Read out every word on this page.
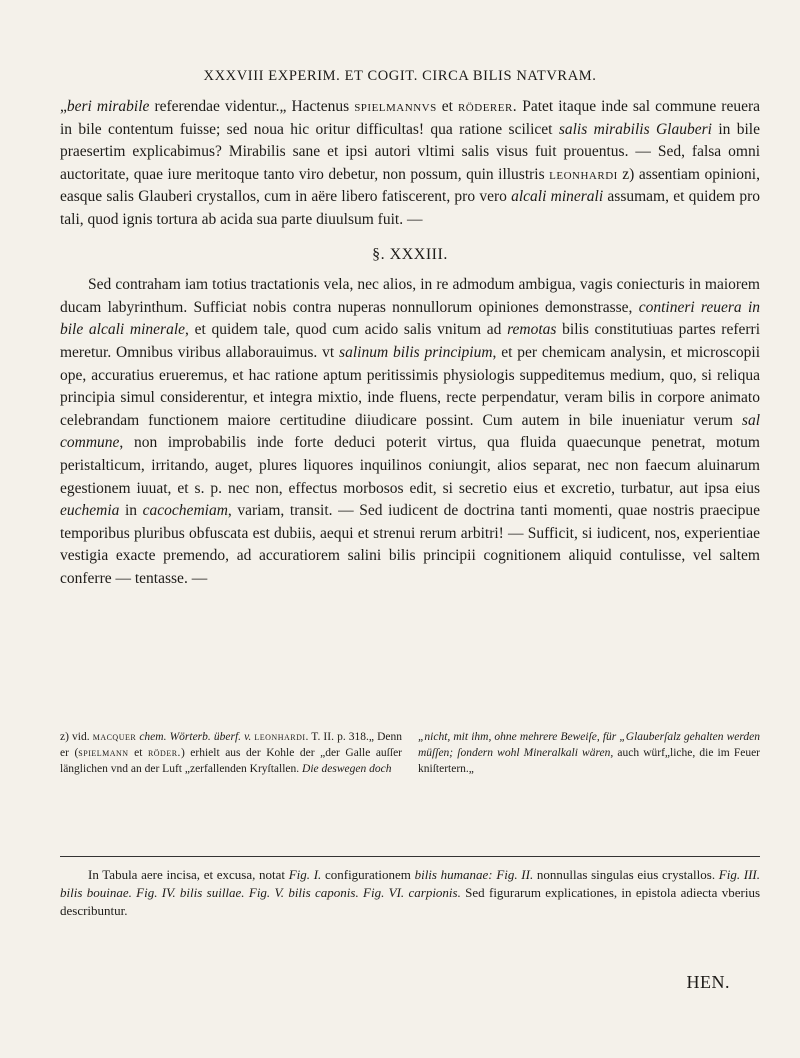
XXXVIII EXPERIM. ET COGIT. CIRCA BILIS NATVRAM.

„beri mirabile referendae videntur.„ Hactenus spielmannvs et röderer. Patet itaque inde sal commune reuera in bile contentum fuisse; sed noua hic oritur difficultas! qua ratione scilicet salis mirabilis Glauberi in bile praesertim explicabimus? Mirabilis sane et ipsi autori vltimi salis visus fuit prouentus. — Sed, falsa omni auctoritate, quae iure meritoque tanto viro debetur, non possum, quin illustris leonhardi z) assentiam opinioni, easque salis Glauberi crystallos, cum in aëre libero fatiscerent, pro vero alcali minerali assumam, et quidem pro tali, quod ignis tortura ab acida sua parte diuulsum fuit. —

§. XXXIII.

Sed contraham iam totius tractationis vela, nec alios, in re admodum ambigua, vagis coniecturis in maiorem ducam labyrinthum. Sufficiat nobis contra nuperas nonnullorum opiniones demonstrasse, contineri reuera in bile alcali minerale, et quidem tale, quod cum acido salis vnitum ad remotas bilis constitutiuas partes referri meretur. Omnibus viribus allaborauimus. vt salinum bilis principium, et per chemicam analysin, et microscopii ope, accuratius erueremus, et hac ratione aptum peritissimis physiologis suppeditemus medium, quo, si reliqua principia simul considerentur, et integra mixtio, inde fluens, recte perpendatur, veram bilis in corpore animato celebrandam functionem maiore certitudine diiudicare possint. Cum autem in bile inueniatur verum sal commune, non improbabilis inde forte deduci poterit virtus, qua fluida quaecunque penetrat, motum peristalticum, irritando, auget, plures liquores inquilinos coniungit, alios separat, nec non faecum aluinarum egestionem iuuat, et s. p. nec non, effectus morbosos edit, si secretio eius et excretio, turbatur, aut ipsa eius euchemia in cacochemiam, variam, transit. — Sed iudicent de doctrina tanti momenti, quae nostris praecipue temporibus pluribus obfuscata est dubiis, aequi et strenui rerum arbitri! — Sufficit, si iudicent, nos, experientiae vestigia exacte premendo, ad accuratiorem salini bilis principii cognitionem aliquid contulisse, vel saltem conferre — tentasse. —

z) vid. macquer chem. Wörterb. überf. v. leonhardi. T. II. p. 318.„ Denn er (spielmann et röder.) erhielt aus der Kohle der „der Galle auſſer länglichen vnd an der Luft „zerfallenden Kryſtallen. Die deswegen doch
„nicht, mit ihm, ohne mehrere Beweiſe, für „Glauberſalz gehalten werden müſſen; ſondern wohl Mineralkali wären, auch würf„liche, die im Feuer kniſtertern.„
In Tabula aere incisa, et excusa, notat Fig. I. configurationem bilis humanae: Fig. II. nonnullas singulas eius crystallos. Fig. III. bilis bouinae. Fig. IV. bilis suillae. Fig. V. bilis caponis. Fig. VI. carpionis. Sed figurarum explicationes, in epistola adiecta vberius describuntur.
HEN.
